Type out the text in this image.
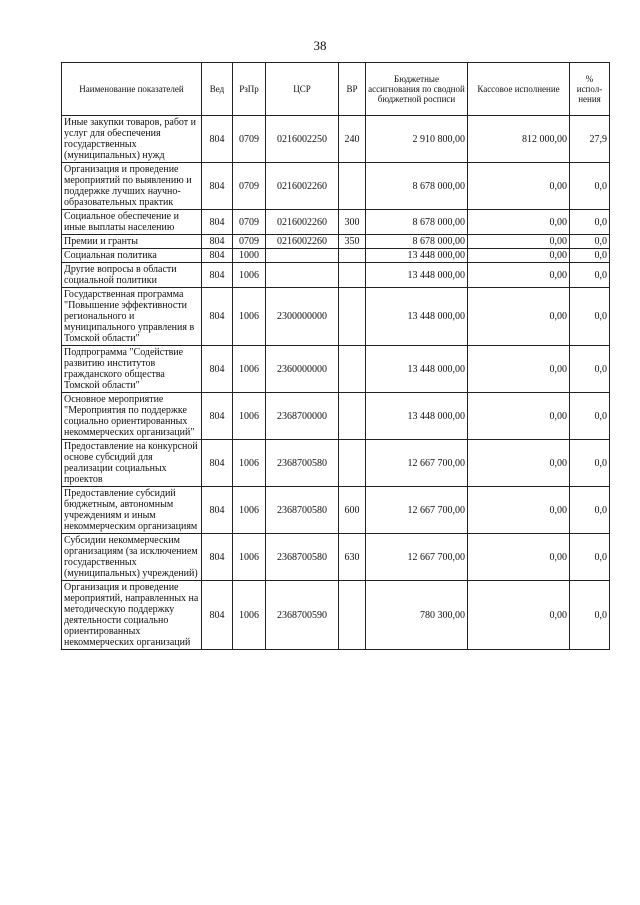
38
Наименование показателей	Вед	РзПр	ЦСР	ВР	Бюджетные ассигнования по сводной бюджетной росписи	Кассовое исполнение	% испол- нения
Иные закупки товаров, работ и услуг для обеспечения государственных (муниципальных) нужд	804	0709	0216002250	240	2 910 800,00	812 000,00	27,9
Организация и проведение мероприятий по выявлению и поддержке лучших научно-образовательных практик	804	0709	0216002260		8 678 000,00	0,00	0,0
Социальное обеспечение и иные выплаты населению	804	0709	0216002260	300	8 678 000,00	0,00	0,0
Премии и гранты	804	0709	0216002260	350	8 678 000,00	0,00	0,0
Социальная политика	804	1000			13 448 000,00	0,00	0,0
Другие вопросы в области социальной политики	804	1006			13 448 000,00	0,00	0,0
Государственная программа "Повышение эффективности регионального и муниципального управления в Томской области"	804	1006	2300000000		13 448 000,00	0,00	0,0
Подпрограмма "Содействие развитию институтов гражданского общества Томской области"	804	1006	2360000000		13 448 000,00	0,00	0,0
Основное мероприятие "Мероприятия по поддержке социально ориентированных некоммерческих организаций"	804	1006	2368700000		13 448 000,00	0,00	0,0
Предоставление на конкурсной основе субсидий для реализации социальных проектов	804	1006	2368700580		12 667 700,00	0,00	0,0
Предоставление субсидий бюджетным, автономным учреждениям и иным некоммерческим организациям	804	1006	2368700580	600	12 667 700,00	0,00	0,0
Субсидии некоммерческим организациям (за исключением государственных (муниципальных) учреждений)	804	1006	2368700580	630	12 667 700,00	0,00	0,0
Организация и проведение мероприятий, направленных на методическую поддержку деятельности социально ориентированных некоммерческих организаций	804	1006	2368700590		780 300,00	0,00	0,0
